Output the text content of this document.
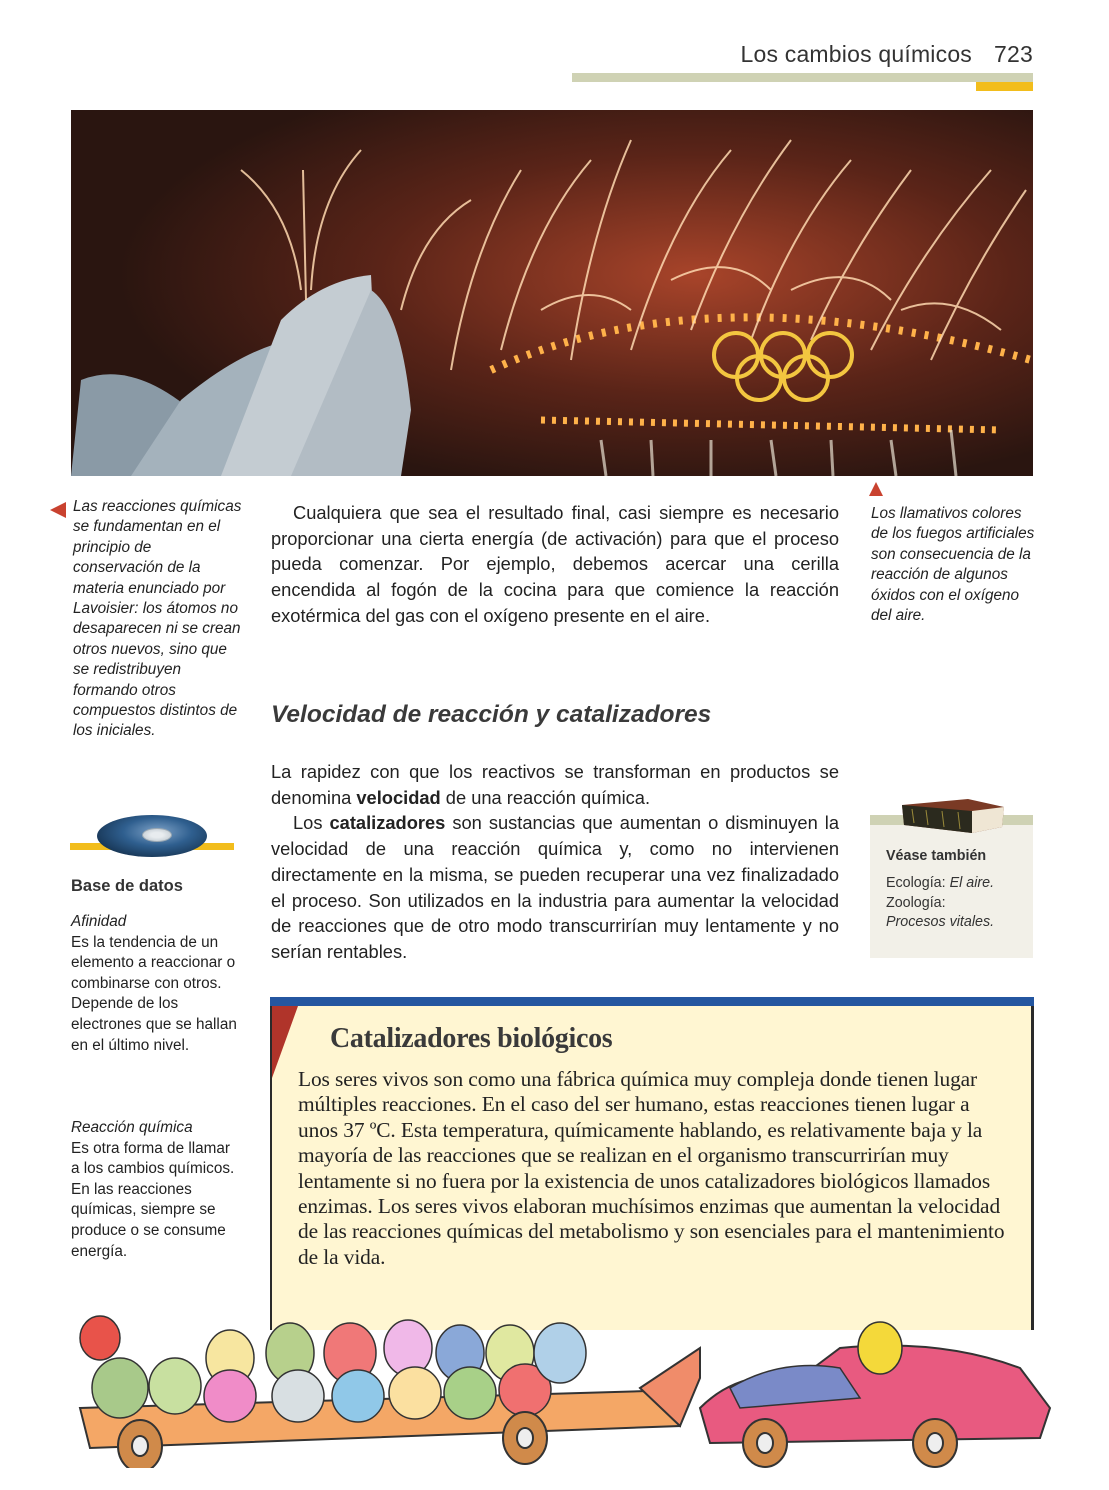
Los cambios químicos 723

Las reacciones químicas se fundamentan en el principio de conservación de la materia enunciado por Lavoisier: los átomos no desaparecen ni se crean otros nuevos, sino que se redistribuyen formando otros compuestos distintos de los iniciales.

Los llamativos colores de los fuegos artificiales son consecuencia de la reacción de algunos óxidos con el oxígeno del aire.

Cualquiera que sea el resultado final, casi siempre es necesario proporcionar una cierta energía (de activación) para que el proceso pueda comenzar. Por ejemplo, debemos acercar una cerilla encendida al fogón de la cocina para que comience la reacción exotérmica del gas con el oxígeno presente en el aire.

Velocidad de reacción y catalizadores

La rapidez con que los reactivos se transforman en productos se denomina velocidad de una reacción química.

Los catalizadores son sustancias que aumentan o disminuyen la velocidad de una reacción química y, como no intervienen directamente en la misma, se pueden recuperar una vez finalizadado el proceso. Son utilizados en la industria para aumentar la velocidad de reacciones que de otro modo transcurrirían muy lentamente y no serían rentables.

Base de datos
Afinidad
Es la tendencia de un elemento a reaccionar o combinarse con otros. Depende de los electrones que se hallan en el último nivel.
Reacción química
Es otra forma de llamar a los cambios químicos. En las reacciones químicas, siempre se produce o se consume energía.
Véase también
Ecología: El aire.
Zoología:
Procesos vitales.
Catalizadores biológicos

Los seres vivos son como una fábrica química muy compleja donde tienen lugar múltiples reacciones. En el caso del ser humano, estas reacciones tienen lugar a unos 37 ºC. Esta temperatura, químicamente hablando, es relativamente baja y la mayoría de las reacciones que se realizan en el organismo transcurrirían muy lentamente si no fuera por la existencia de unos catalizadores biológicos llamados enzimas. Los seres vivos elaboran muchísimos enzimas que aumentan la velocidad de las reacciones químicas del metabolismo y son esenciales para el mantenimiento de la vida.
